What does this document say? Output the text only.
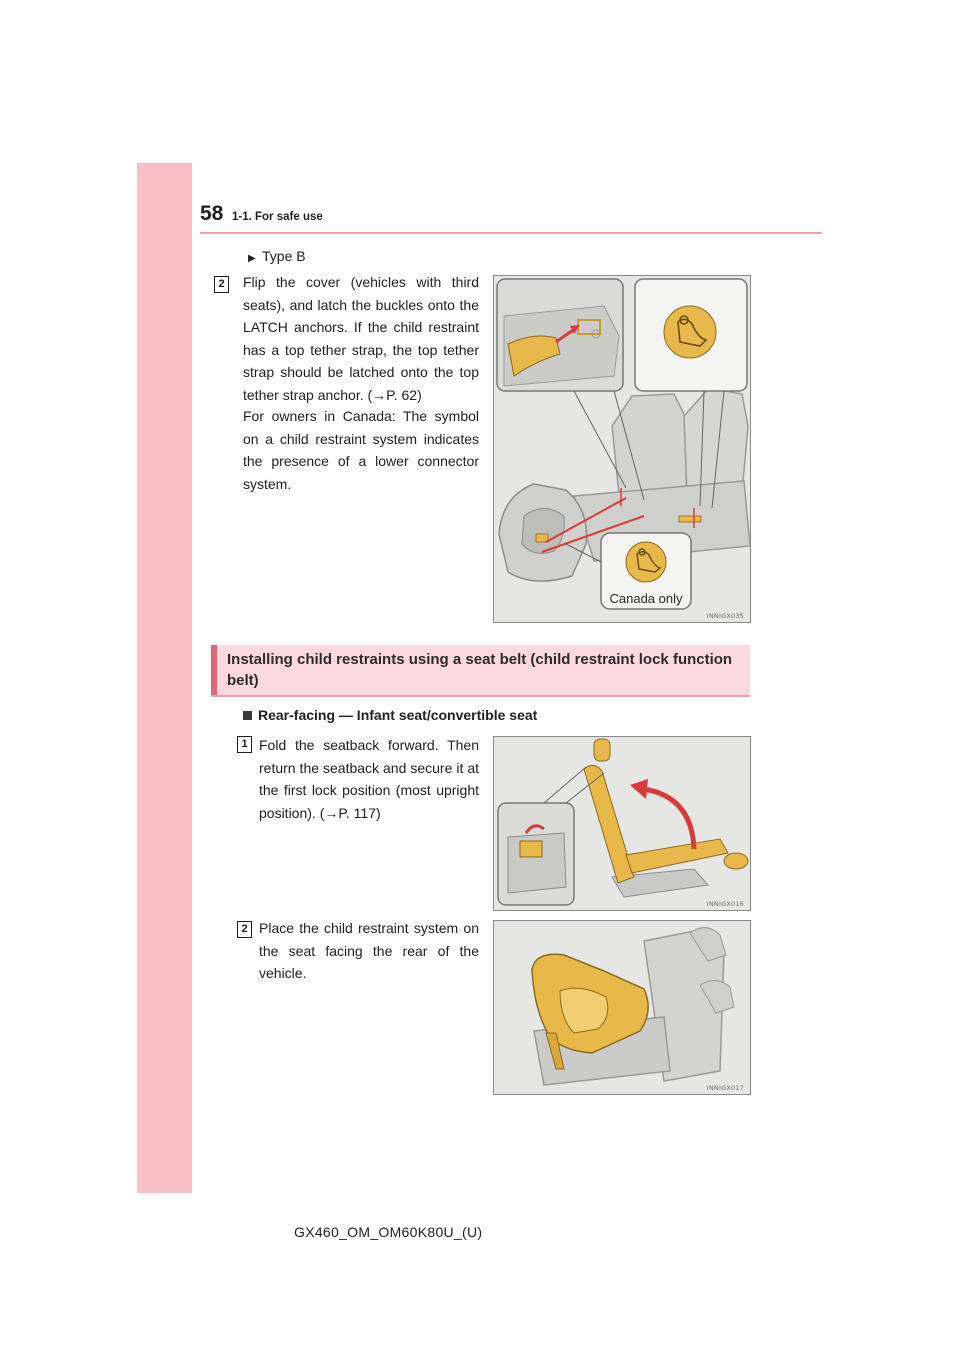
58 1-1. For safe use
▶ Type B
2	Flip the cover (vehicles with third seats), and latch the buckles onto the LATCH anchors. If the child restraint has a top tether strap, the top tether strap should be latched onto the top tether strap anchor. (→P. 62)
For owners in Canada: The symbol on a child restraint system indicates the presence of a lower connector system.
Canada only
INNIGX035
Installing child restraints using a seat belt (child restraint lock function belt)
Rear-facing — Infant seat/convertible seat
1 Fold the seatback forward. Then return the seatback and secure it at the first lock position (most upright position). (→P. 117)
INNIGX016
2 Place the child restraint system on the seat facing the rear of the vehicle.
INNIGX017
GX460_OM_OM60K80U_(U)
